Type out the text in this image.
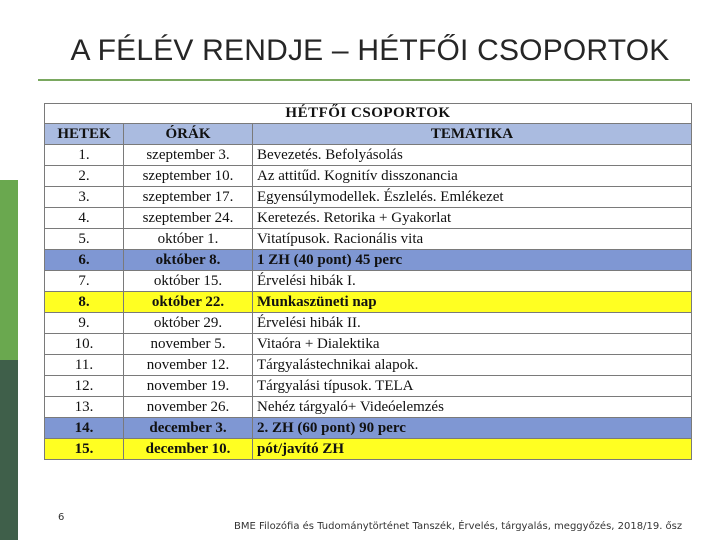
A FÉLÉV RENDJE – HÉTFŐI CSOPORTOK
HÉTFŐI CSOPORTOK		
HETEK	ÓRÁK	TEMATIKA
1.	szeptember 3.	Bevezetés. Befolyásolás
2.	szeptember 10.	Az attitűd. Kognitív disszonancia
3.	szeptember 17.	Egyensúlymodellek. Észlelés. Emlékezet
4.	szeptember 24.	Keretezés. Retorika + Gyakorlat
5.	október 1.	Vitatípusok. Racionális vita
6.	október 8.	1 ZH (40 pont) 45 perc
7.	október 15.	Érvelési hibák I.
8.	október 22.	Munkaszüneti nap
9.	október 29.	Érvelési hibák II.
10.	november 5.	Vitaóra + Dialektika
11.	november 12.	Tárgyalástechnikai alapok.
12.	november 19.	Tárgyalási típusok. TELA
13.	november 26.	Nehéz tárgyaló+ Videóelemzés
14.	december 3.	2. ZH (60 pont) 90 perc
15.	december 10.	pót/javító ZH
6
BME Filozófia és Tudománytörténet Tanszék, Érvelés, tárgyalás, meggyőzés, 2018/19. ősz
